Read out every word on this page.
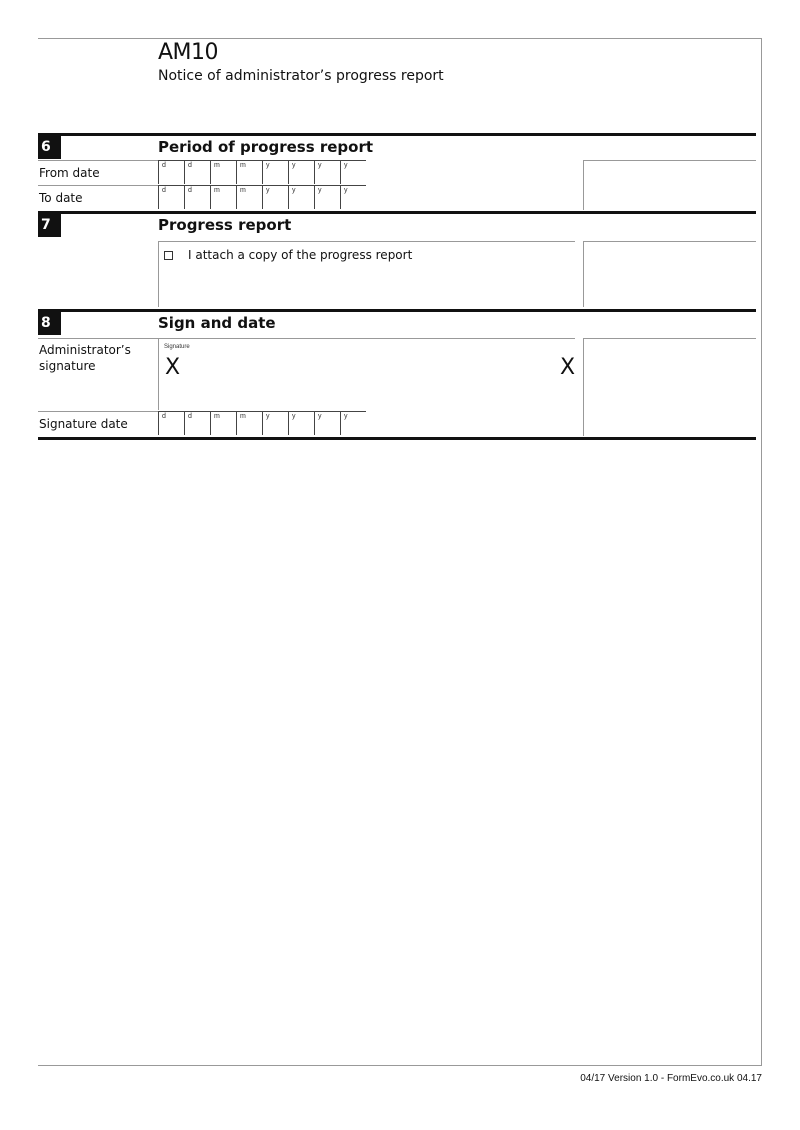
AM10
Notice of administrator’s progress report
6	Period of progress report
From date
d	d	m	m	y	y	y	y
To date
d	d	m	m	y	y	y	y
7	Progress report
I attach a copy of the progress report
8	Sign and date
Administrator’s
signature
Signature
X	X
Signature date
d	d	m	m	y	y	y	y
04/17 Version 1.0 - FormEvo.co.uk 04.17
